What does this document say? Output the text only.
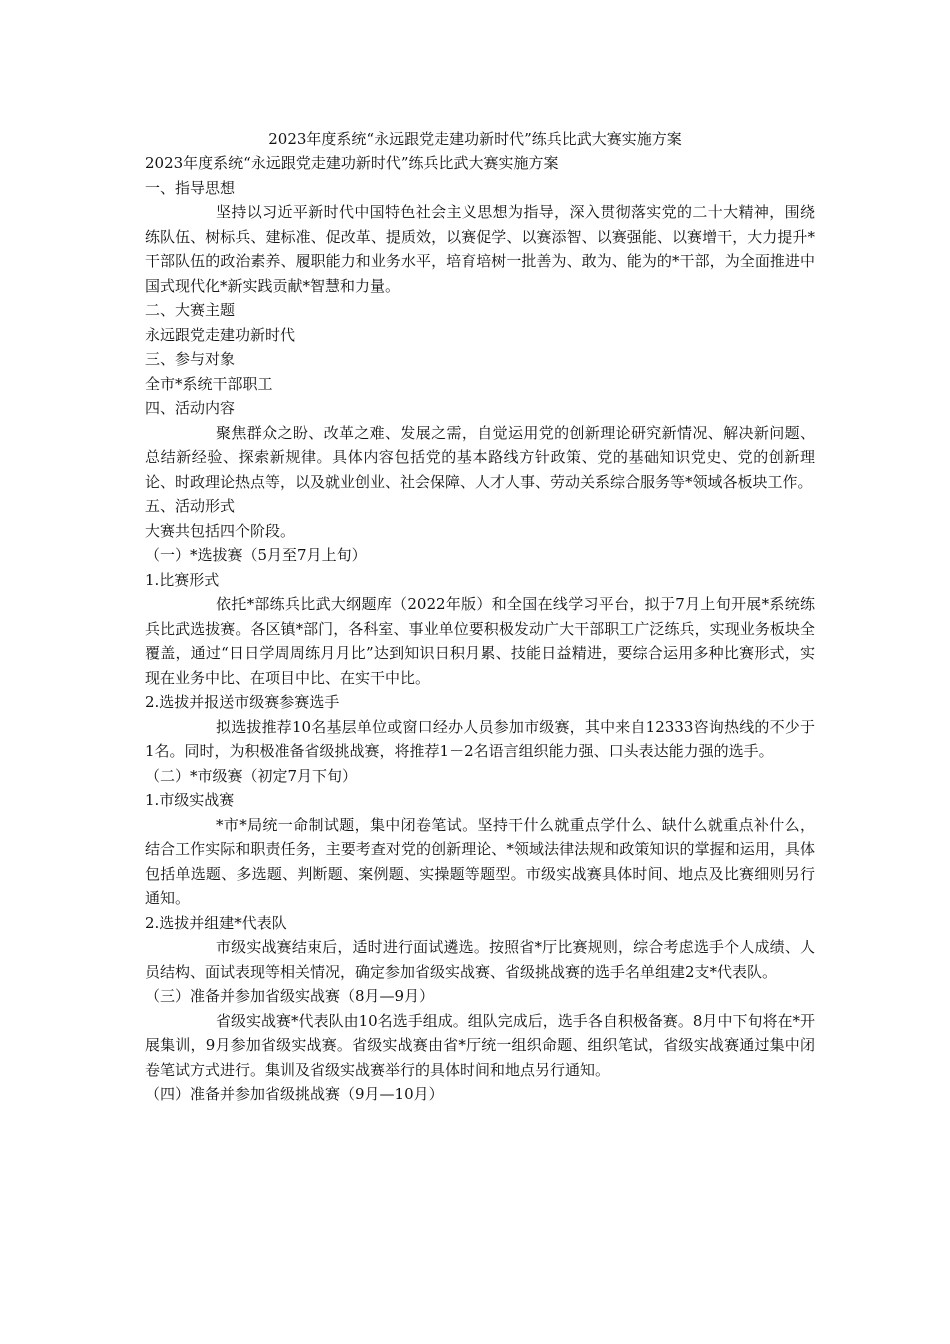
2023年度系统“永远跟党走建功新时代”练兵比武大赛实施方案

2023年度系统“永远跟党走建功新时代”练兵比武大赛实施方案

一、指导思想

坚持以习近平新时代中国特色社会主义思想为指导，深入贯彻落实党的二十大精神，围绕练队伍、树标兵、建标准、促改革、提质效，以赛促学、以赛添智、以赛强能、以赛增干，大力提升*干部队伍的政治素养、履职能力和业务水平，培育培树一批善为、敢为、能为的*干部，为全面推进中国式现代化*新实践贡献*智慧和力量。

二、大赛主题

永远跟党走建功新时代

三、参与对象

全市*系统干部职工

四、活动内容

聚焦群众之盼、改革之难、发展之需，自觉运用党的创新理论研究新情况、解决新问题、总结新经验、探索新规律。具体内容包括党的基本路线方针政策、党的基础知识党史、党的创新理论、时政理论热点等，以及就业创业、社会保障、人才人事、劳动关系综合服务等*领域各板块工作。

五、活动形式

大赛共包括四个阶段。

（一）*选拔赛（5月至7月上旬）

1.比赛形式

依托*部练兵比武大纲题库（2022年版）和全国在线学习平台，拟于7月上旬开展*系统练兵比武选拔赛。各区镇*部门，各科室、事业单位要积极发动广大干部职工广泛练兵，实现业务板块全覆盖，通过“日日学周周练月月比”达到知识日积月累、技能日益精进，要综合运用多种比赛形式，实现在业务中比、在项目中比、在实干中比。

2.选拔并报送市级赛参赛选手

拟选拔推荐10名基层单位或窗口经办人员参加市级赛，其中来自12333咨询热线的不少于1名。同时，为积极准备省级挑战赛，将推荐1－2名语言组织能力强、口头表达能力强的选手。

（二）*市级赛（初定7月下旬）

1.市级实战赛

*市*局统一命制试题，集中闭卷笔试。坚持干什么就重点学什么、缺什么就重点补什么，结合工作实际和职责任务，主要考查对党的创新理论、*领域法律法规和政策知识的掌握和运用，具体包括单选题、多选题、判断题、案例题、实操题等题型。市级实战赛具体时间、地点及比赛细则另行通知。

2.选拔并组建*代表队

市级实战赛结束后，适时进行面试遴选。按照省*厅比赛规则，综合考虑选手个人成绩、人员结构、面试表现等相关情况，确定参加省级实战赛、省级挑战赛的选手名单组建2支*代表队。

（三）准备并参加省级实战赛（8月—9月）

省级实战赛*代表队由10名选手组成。组队完成后，选手各自积极备赛。8月中下旬将在*开展集训，9月参加省级实战赛。省级实战赛由省*厅统一组织命题、组织笔试，省级实战赛通过集中闭卷笔试方式进行。集训及省级实战赛举行的具体时间和地点另行通知。

（四）准备并参加省级挑战赛（9月—10月）
